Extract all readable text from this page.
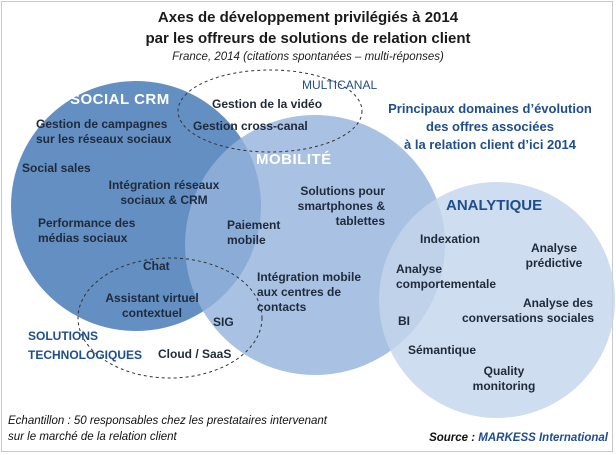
Axes de développement privilégiés à 2014
par les offreurs de solutions de relation client
France, 2014 (citations spontanées – multi-réponses)
Principaux domaines d’évolution
des offres associées
à la relation client d’ici 2014
SOCIAL CRM
MOBILITÉ
ANALYTIQUE
MULTICANAL
SOLUTIONS
TECHNOLOGIQUES
Gestion de la vidéo
Gestion cross-canal
Gestion de campagnes
sur les réseaux sociaux
Social sales
Intégration réseaux
sociaux & CRM
Performance des
médias sociaux
Solutions pour
smartphones &
tablettes
Paiement
mobile
Intégration mobile
aux centres de
contacts
Chat
Assistant virtuel
contextuel
SIG
Cloud / SaaS
Indexation
Analyse
prédictive
Analyse
comportementale
Analyse des
conversations sociales
BI
Sémantique
Quality
monitoring
Echantillon : 50 responsables chez les prestataires intervenant
sur le marché de la relation client	Source : MARKESS International
